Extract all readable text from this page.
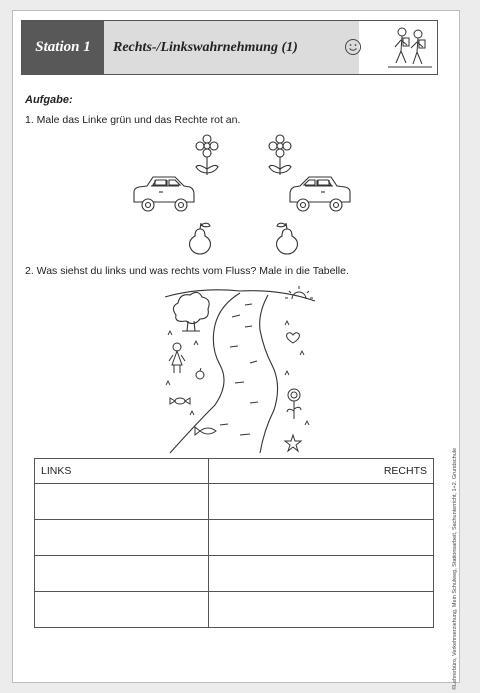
Station 1	Rechts-/Linkswahrnehmung (1)
Aufgabe:
1. Male das Linke grün und das Rechte rot an.
2. Was siehst du links und was rechts vom Fluss? Male in die Tabelle.
LINKS	RECHTS

		©Lehrerbüro, Verkehrserziehung, Mein Schulweg, Stationsarbeit, Sachunterricht, 1+2. Grundschule
